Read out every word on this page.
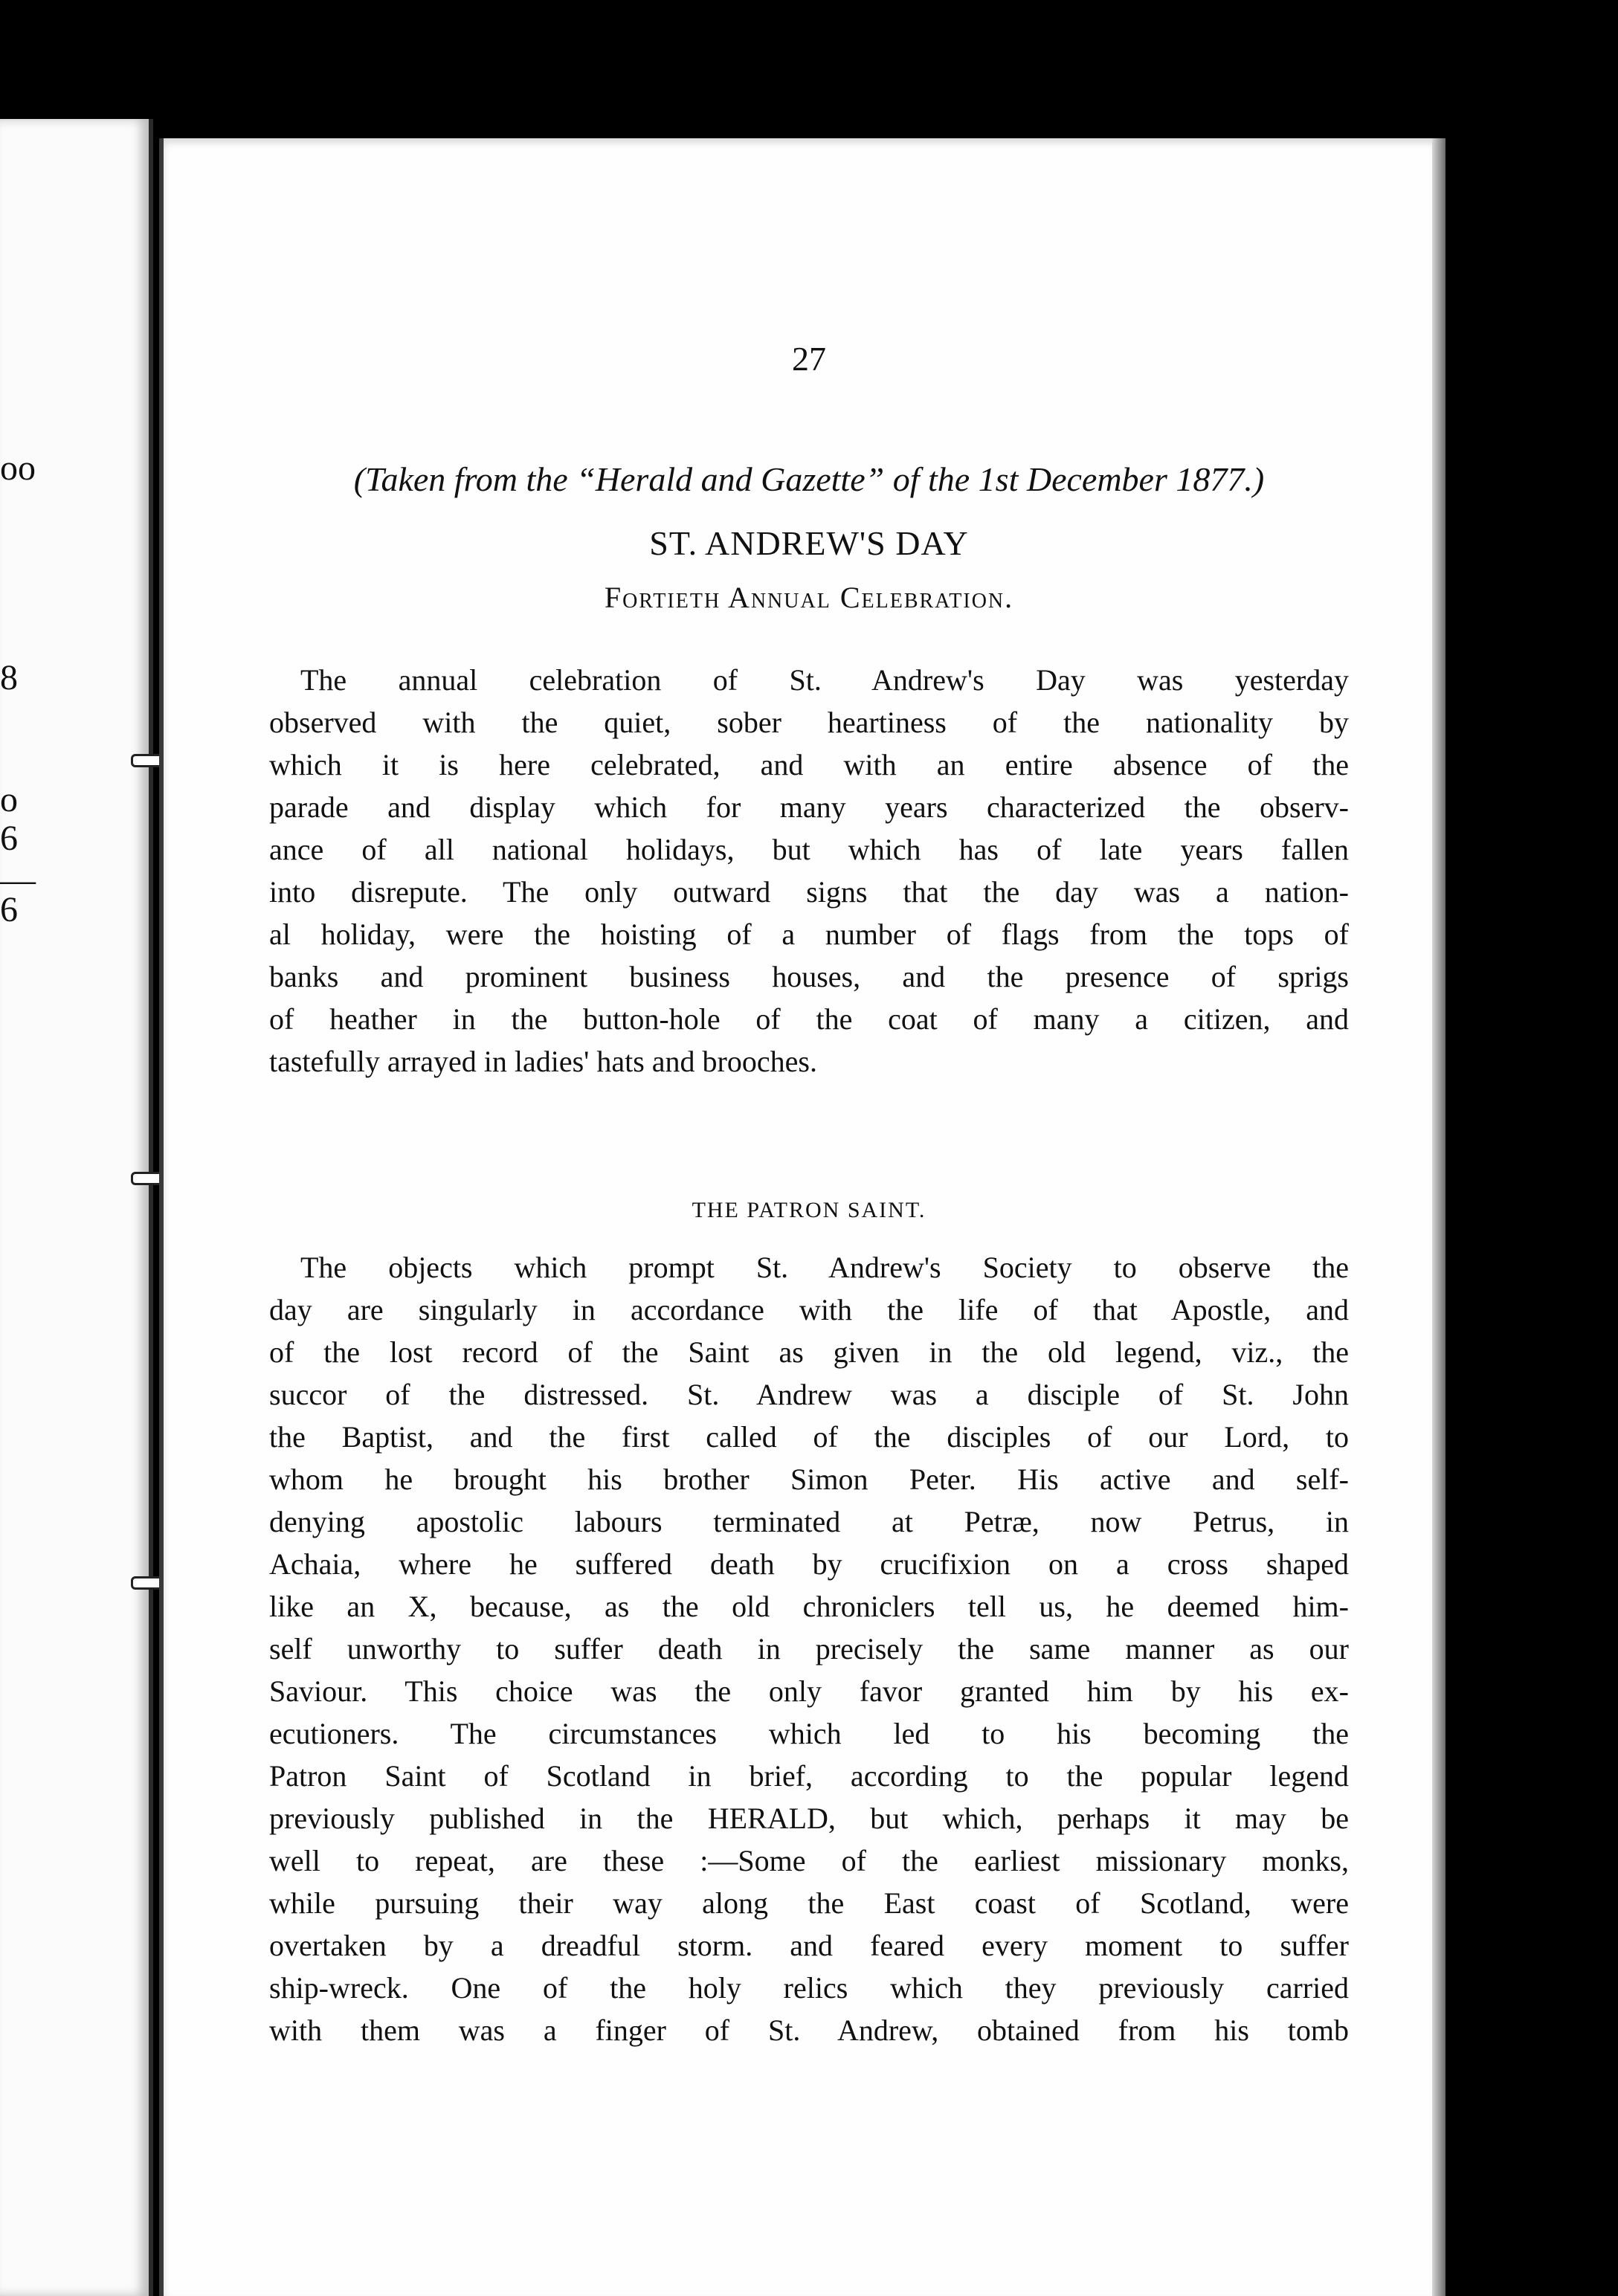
oo
8
o
6
—
6
27
(Taken from the “Herald and Gazette” of the 1st December 1877.)
ST. ANDREW'S DAY
Fortieth Annual Celebration.
The annual celebration of St. Andrew's Day was yesterday
observed with the quiet, sober heartiness of the nationality by
which it is here celebrated, and with an entire absence of the
parade and display which for many years characterized the observ-
ance of all national holidays, but which has of late years fallen
into disrepute. The only outward signs that the day was a nation-
al holiday, were the hoisting of a number of flags from the tops of
banks and prominent business houses, and the presence of sprigs
of heather in the button-hole of the coat of many a citizen, and
tastefully arrayed in ladies' hats and brooches.
THE PATRON SAINT.
The objects which prompt St. Andrew's Society to observe the
day are singularly in accordance with the life of that Apostle, and
of the lost record of the Saint as given in the old legend, viz., the
succor of the distressed. St. Andrew was a disciple of St. John
the Baptist, and the first called of the disciples of our Lord, to
whom he brought his brother Simon Peter. His active and self-
denying apostolic labours terminated at Petræ, now Petrus, in
Achaia, where he suffered death by crucifixion on a cross shaped
like an X, because, as the old chroniclers tell us, he deemed him-
self unworthy to suffer death in precisely the same manner as our
Saviour. This choice was the only favor granted him by his ex-
ecutioners. The circumstances which led to his becoming the
Patron Saint of Scotland in brief, according to the popular legend
previously published in the HERALD, but which, perhaps it may be
well to repeat, are these :—Some of the earliest missionary monks,
while pursuing their way along the East coast of Scotland, were
overtaken by a dreadful storm. and feared every moment to suffer
ship-wreck. One of the holy relics which they previously carried
with them was a finger of St. Andrew, obtained from his tomb
